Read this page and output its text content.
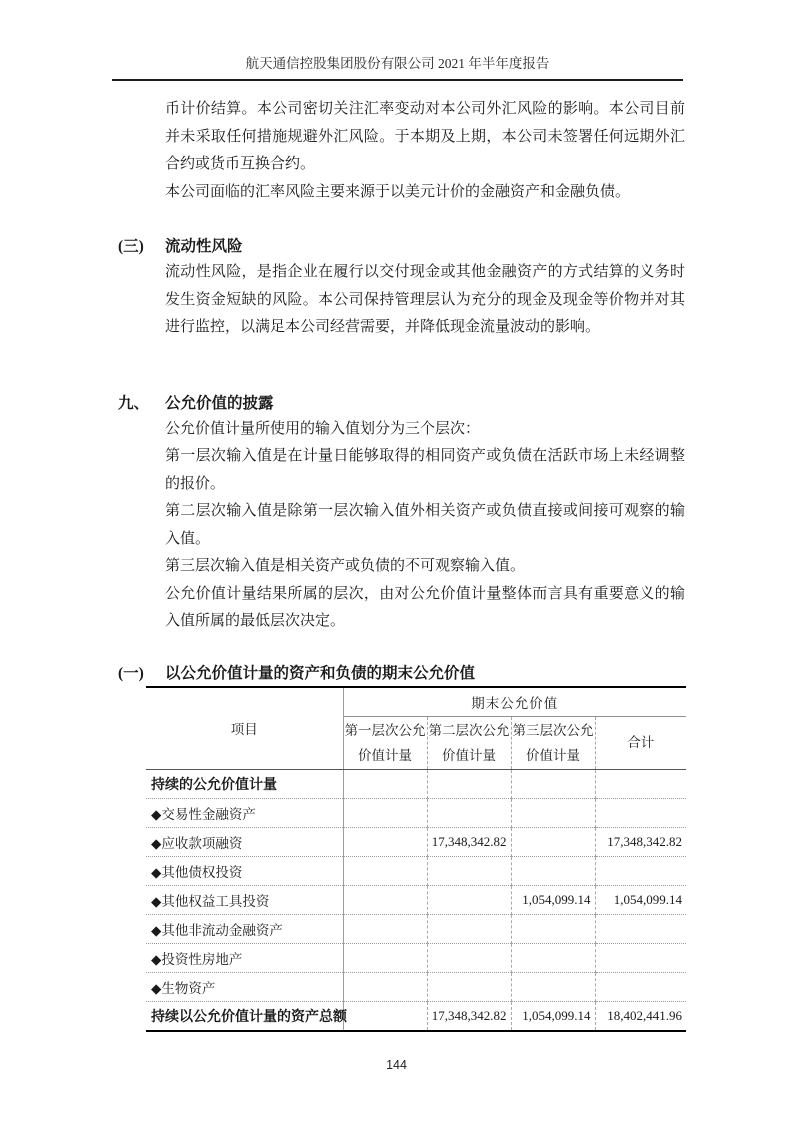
航天通信控股集团股份有限公司 2021 年半年度报告

币计价结算。本公司密切关注汇率变动对本公司外汇风险的影响。本公司目前并未采取任何措施规避外汇风险。于本期及上期，本公司未签署任何远期外汇合约或货币互换合约。

本公司面临的汇率风险主要来源于以美元计价的金融资产和金融负债。

(三)	流动性风险

流动性风险，是指企业在履行以交付现金或其他金融资产的方式结算的义务时发生资金短缺的风险。本公司保持管理层认为充分的现金及现金等价物并对其进行监控，以满足本公司经营需要，并降低现金流量波动的影响。

九、	公允价值的披露

公允价值计量所使用的输入值划分为三个层次：

第一层次输入值是在计量日能够取得的相同资产或负债在活跃市场上未经调整的报价。

第二层次输入值是除第一层次输入值外相关资产或负债直接或间接可观察的输入值。

第三层次输入值是相关资产或负债的不可观察输入值。

公允价值计量结果所属的层次，由对公允价值计量整体而言具有重要意义的输入值所属的最低层次决定。

(一)	以公允价值计量的资产和负债的期末公允价值
项目	期末公允价值			
	第一层次公允价值计量	第二层次公允价值计量	第三层次公允价值计量	合计
持续的公允价值计量				
◆交易性金融资产				
◆应收款项融资		17,348,342.82		17,348,342.82
◆其他债权投资				
◆其他权益工具投资			1,054,099.14	1,054,099.14
◆其他非流动金融资产				
◆投资性房地产				
◆生物资产				
持续以公允价值计量的资产总额		17,348,342.82	1,054,099.14	18,402,441.96
144
